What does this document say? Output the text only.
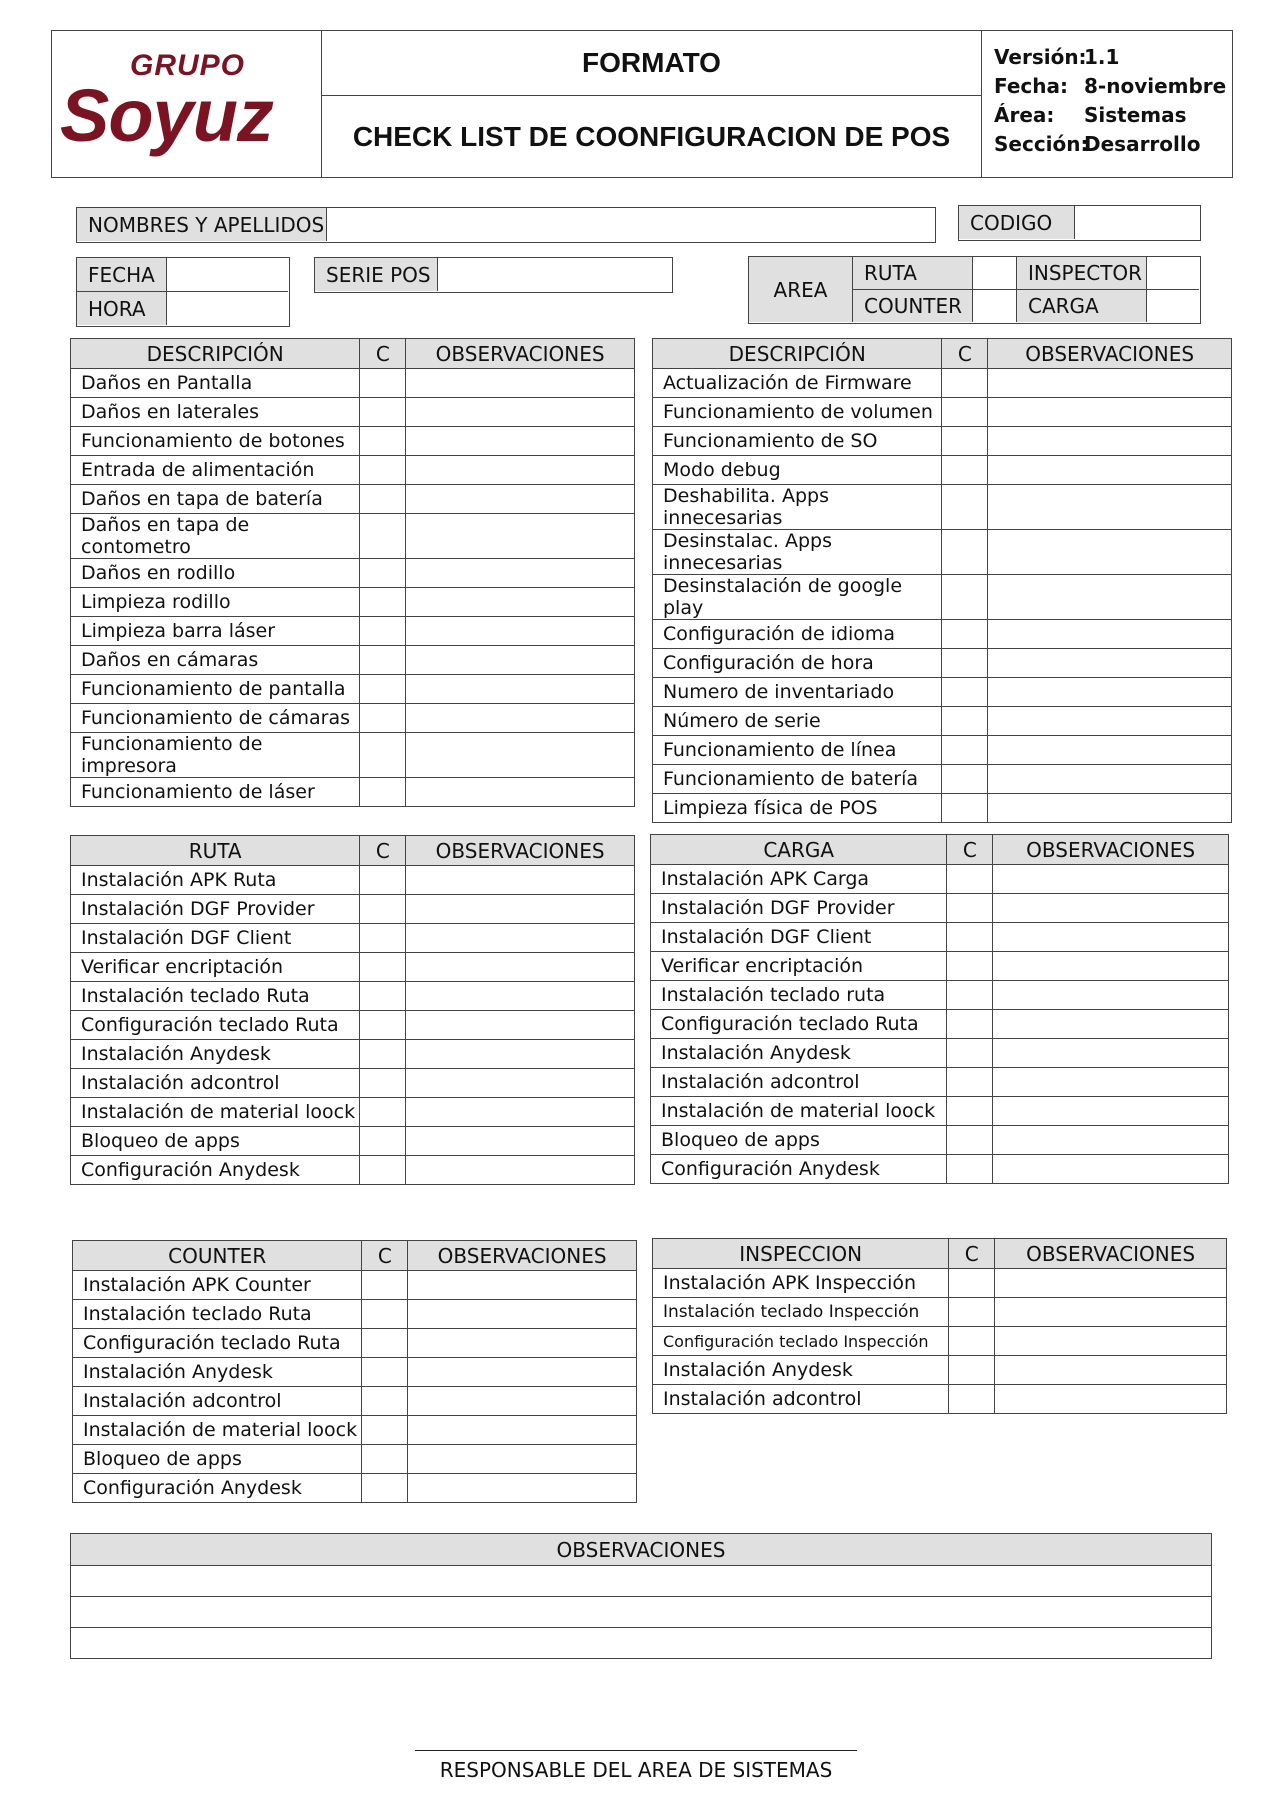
GRUPO
Soyuz
FORMATO
CHECK LIST DE COONFIGURACION DE POS
Versión:1.1
Fecha: 8-noviembre
Área: Sistemas
Sección:Desarrollo
NOMBRES Y APELLIDOS	CODIGO
FECHA
HORA
SERIE POS
AREA
RUTA	INSPECTOR
COUNTER	CARGA
DESCRIPCIÓN	C	OBSERVACIONES
Daños en Pantalla		
Daños en laterales		
Funcionamiento de botones		
Entrada de alimentación		
Daños en tapa de batería		
Daños en tapa de contometro		
Daños en rodillo		
Limpieza rodillo		
Limpieza barra láser		
Daños en cámaras		
Funcionamiento de pantalla		
Funcionamiento de cámaras		
Funcionamiento de impresora		
Funcionamiento de láser		
DESCRIPCIÓN	C	OBSERVACIONES
Actualización de Firmware		
Funcionamiento de volumen		
Funcionamiento de SO		
Modo debug		
Deshabilita. Apps innecesarias		
Desinstalac. Apps innecesarias		
Desinstalación de google play		
Configuración de idioma		
Configuración de hora		
Numero de inventariado		
Número de serie		
Funcionamiento de línea		
Funcionamiento de batería		
Limpieza física de POS		
RUTA	C	OBSERVACIONES
Instalación APK Ruta		
Instalación DGF Provider		
Instalación DGF Client		
Verificar encriptación		
Instalación teclado Ruta		
Configuración teclado Ruta		
Instalación Anydesk		
Instalación adcontrol		
Instalación de material loock		
Bloqueo de apps		
Configuración Anydesk		
CARGA	C	OBSERVACIONES
Instalación APK Carga		
Instalación DGF Provider		
Instalación DGF Client		
Verificar encriptación		
Instalación teclado ruta		
Configuración teclado Ruta		
Instalación Anydesk		
Instalación adcontrol		
Instalación de material loock		
Bloqueo de apps		
Configuración Anydesk		
COUNTER	C	OBSERVACIONES
Instalación APK Counter		
Instalación teclado Ruta		
Configuración teclado Ruta		
Instalación Anydesk		
Instalación adcontrol		
Instalación de material loock		
Bloqueo de apps		
Configuración Anydesk		
INSPECCION	C	OBSERVACIONES
Instalación APK Inspección		
Instalación teclado Inspección		
Configuración teclado Inspección		
Instalación Anydesk		
Instalación adcontrol		
OBSERVACIONES

RESPONSABLE DEL AREA DE SISTEMAS
